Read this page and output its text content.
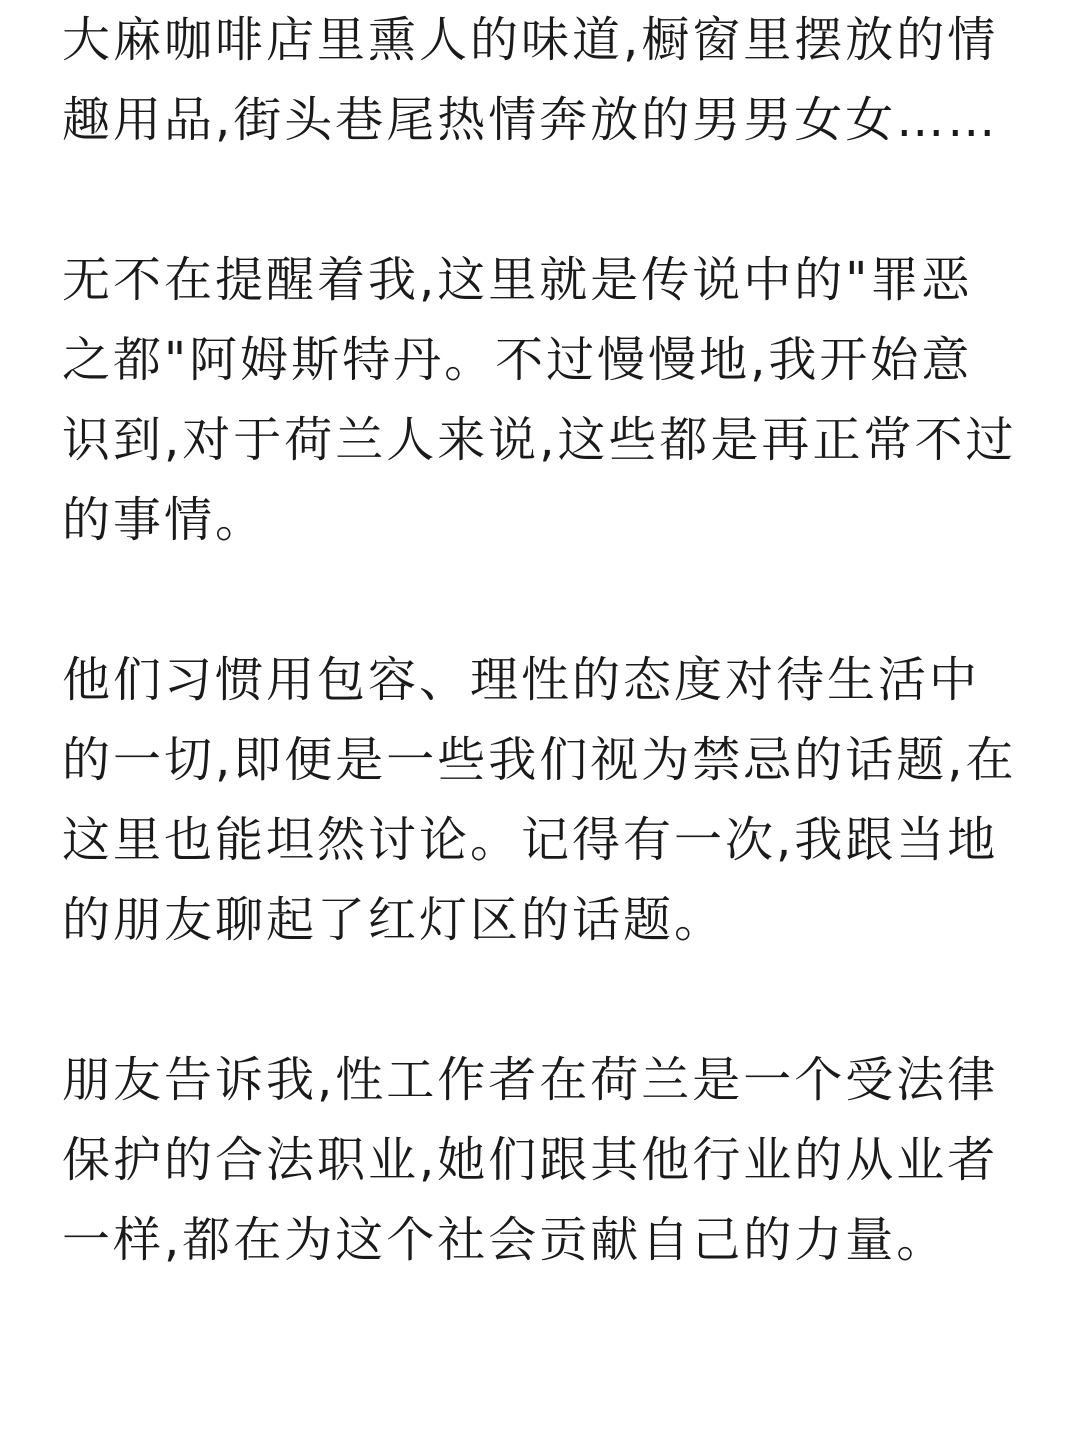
大麻咖啡店里熏人的味道,橱窗里摆放的情趣用品,街头巷尾热情奔放的男男女女……

无不在提醒着我,这里就是传说中的"罪恶之都"阿姆斯特丹。不过慢慢地,我开始意识到,对于荷兰人来说,这些都是再正常不过的事情。

他们习惯用包容、理性的态度对待生活中的一切,即便是一些我们视为禁忌的话题,在这里也能坦然讨论。记得有一次,我跟当地的朋友聊起了红灯区的话题。

朋友告诉我,性工作者在荷兰是一个受法律保护的合法职业,她们跟其他行业的从业者一样,都在为这个社会贡献自己的力量。
